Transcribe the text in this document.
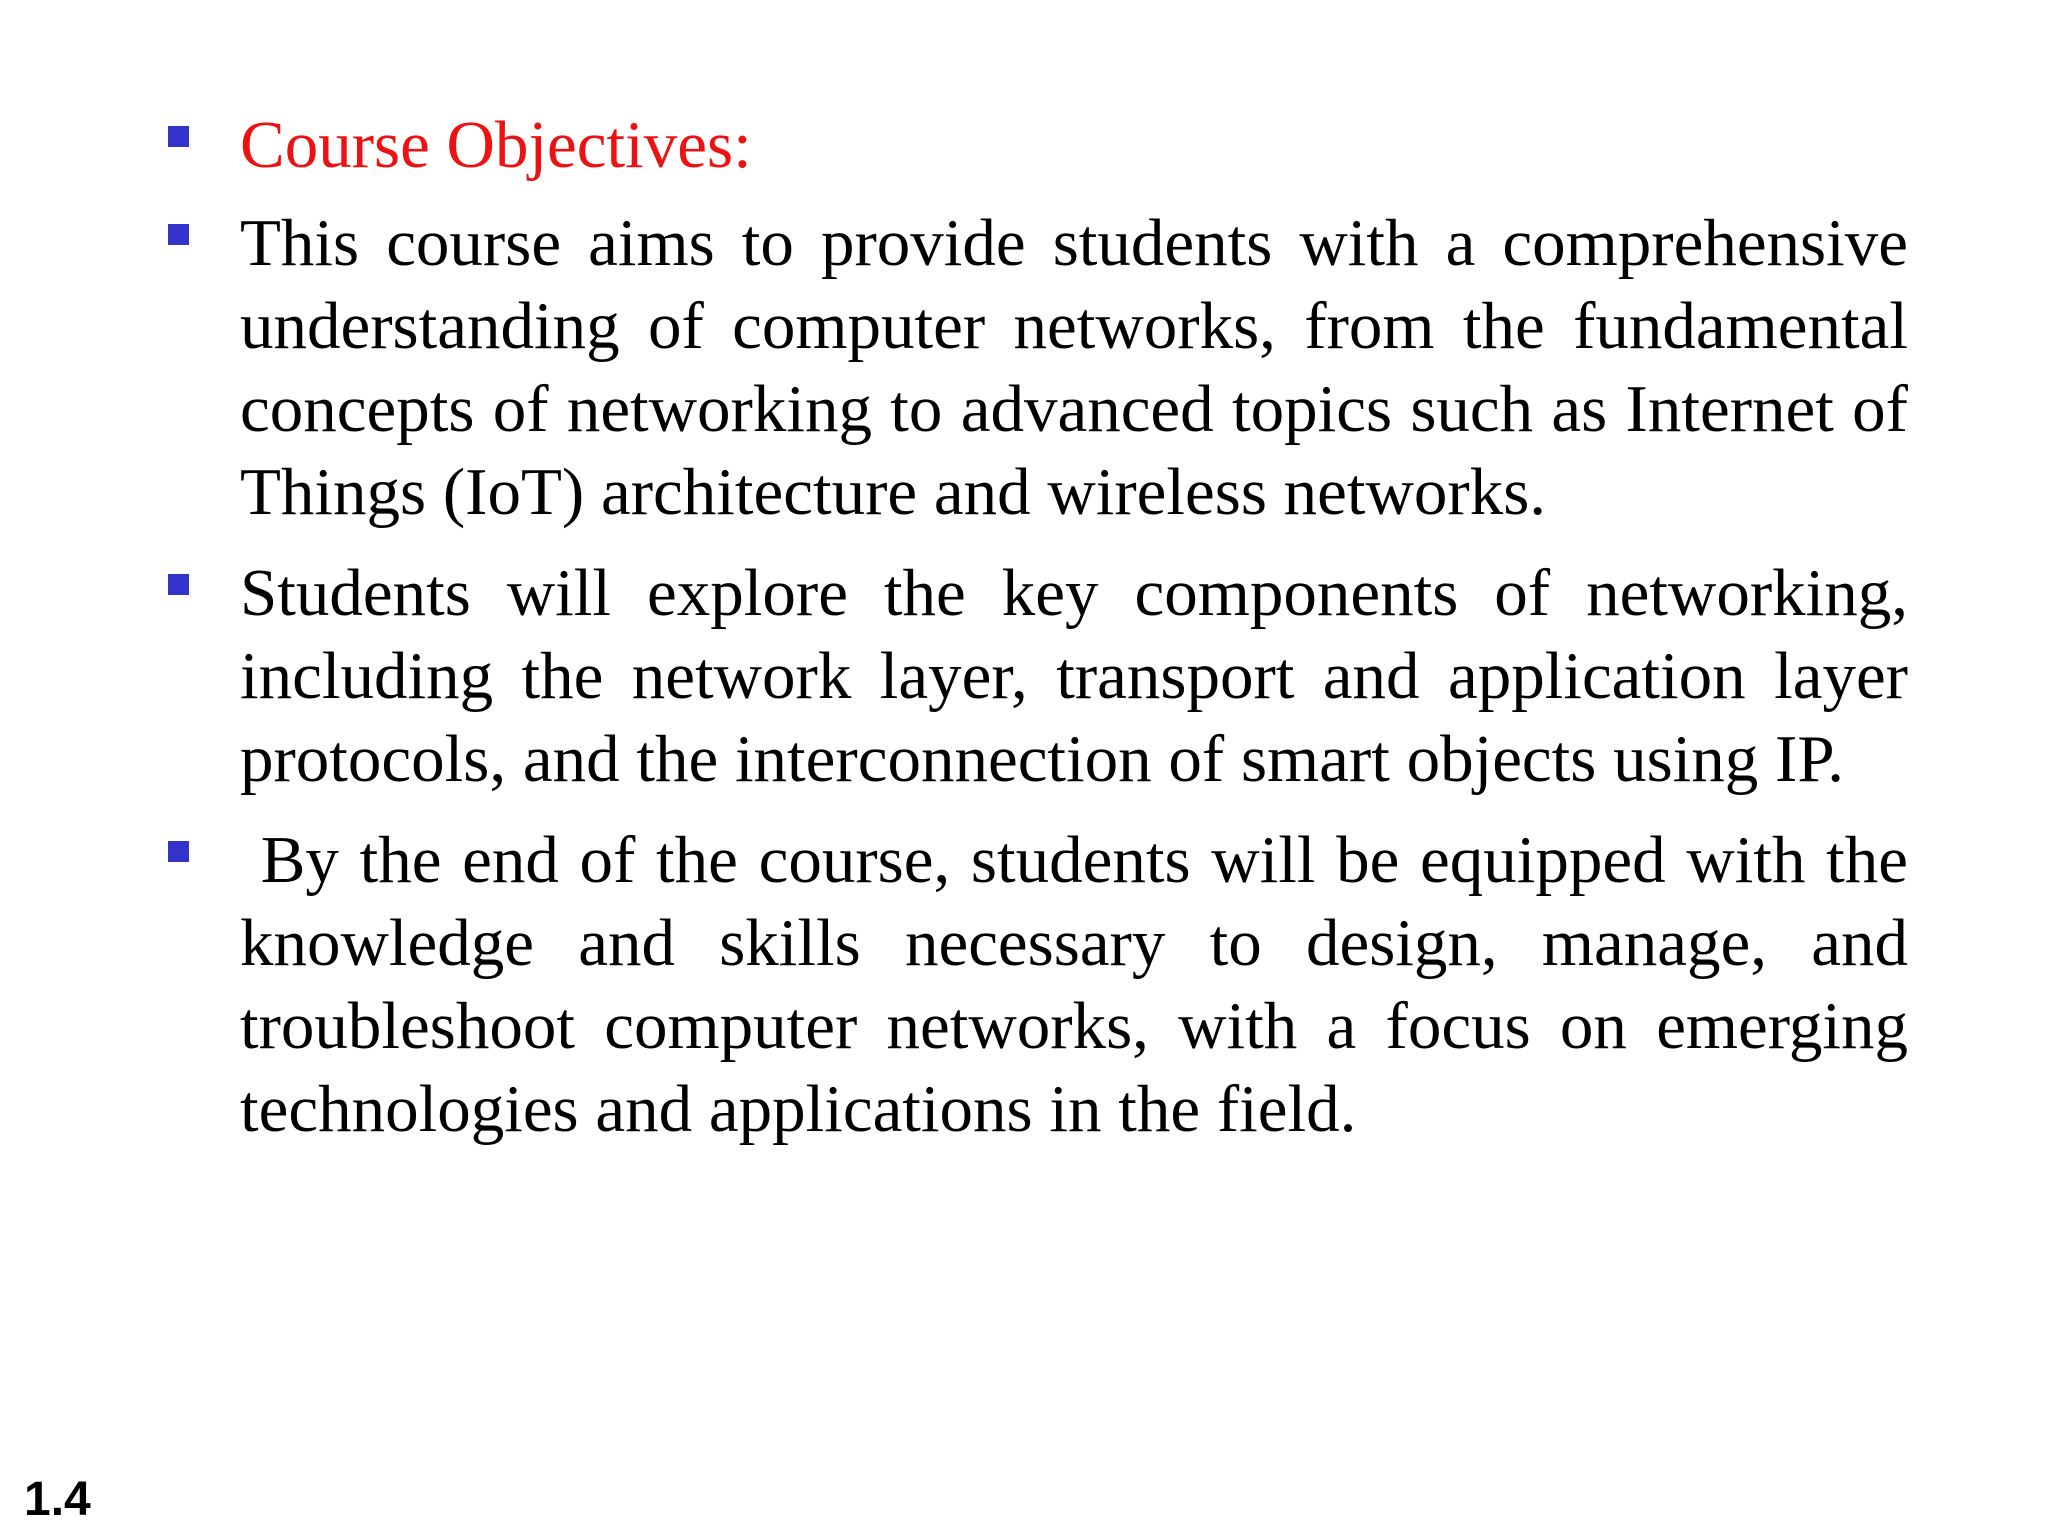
Course Objectives:
This course aims to provide students with a comprehensive understanding of computer networks, from the fundamental concepts of networking to advanced topics such as Internet of Things (IoT) architecture and wireless networks.
Students will explore the key components of networking, including the network layer, transport and application layer protocols, and the interconnection of smart objects using IP.
By the end of the course, students will be equipped with the knowledge and skills necessary to design, manage, and troubleshoot computer networks, with a focus on emerging technologies and applications in the field.
1.4
